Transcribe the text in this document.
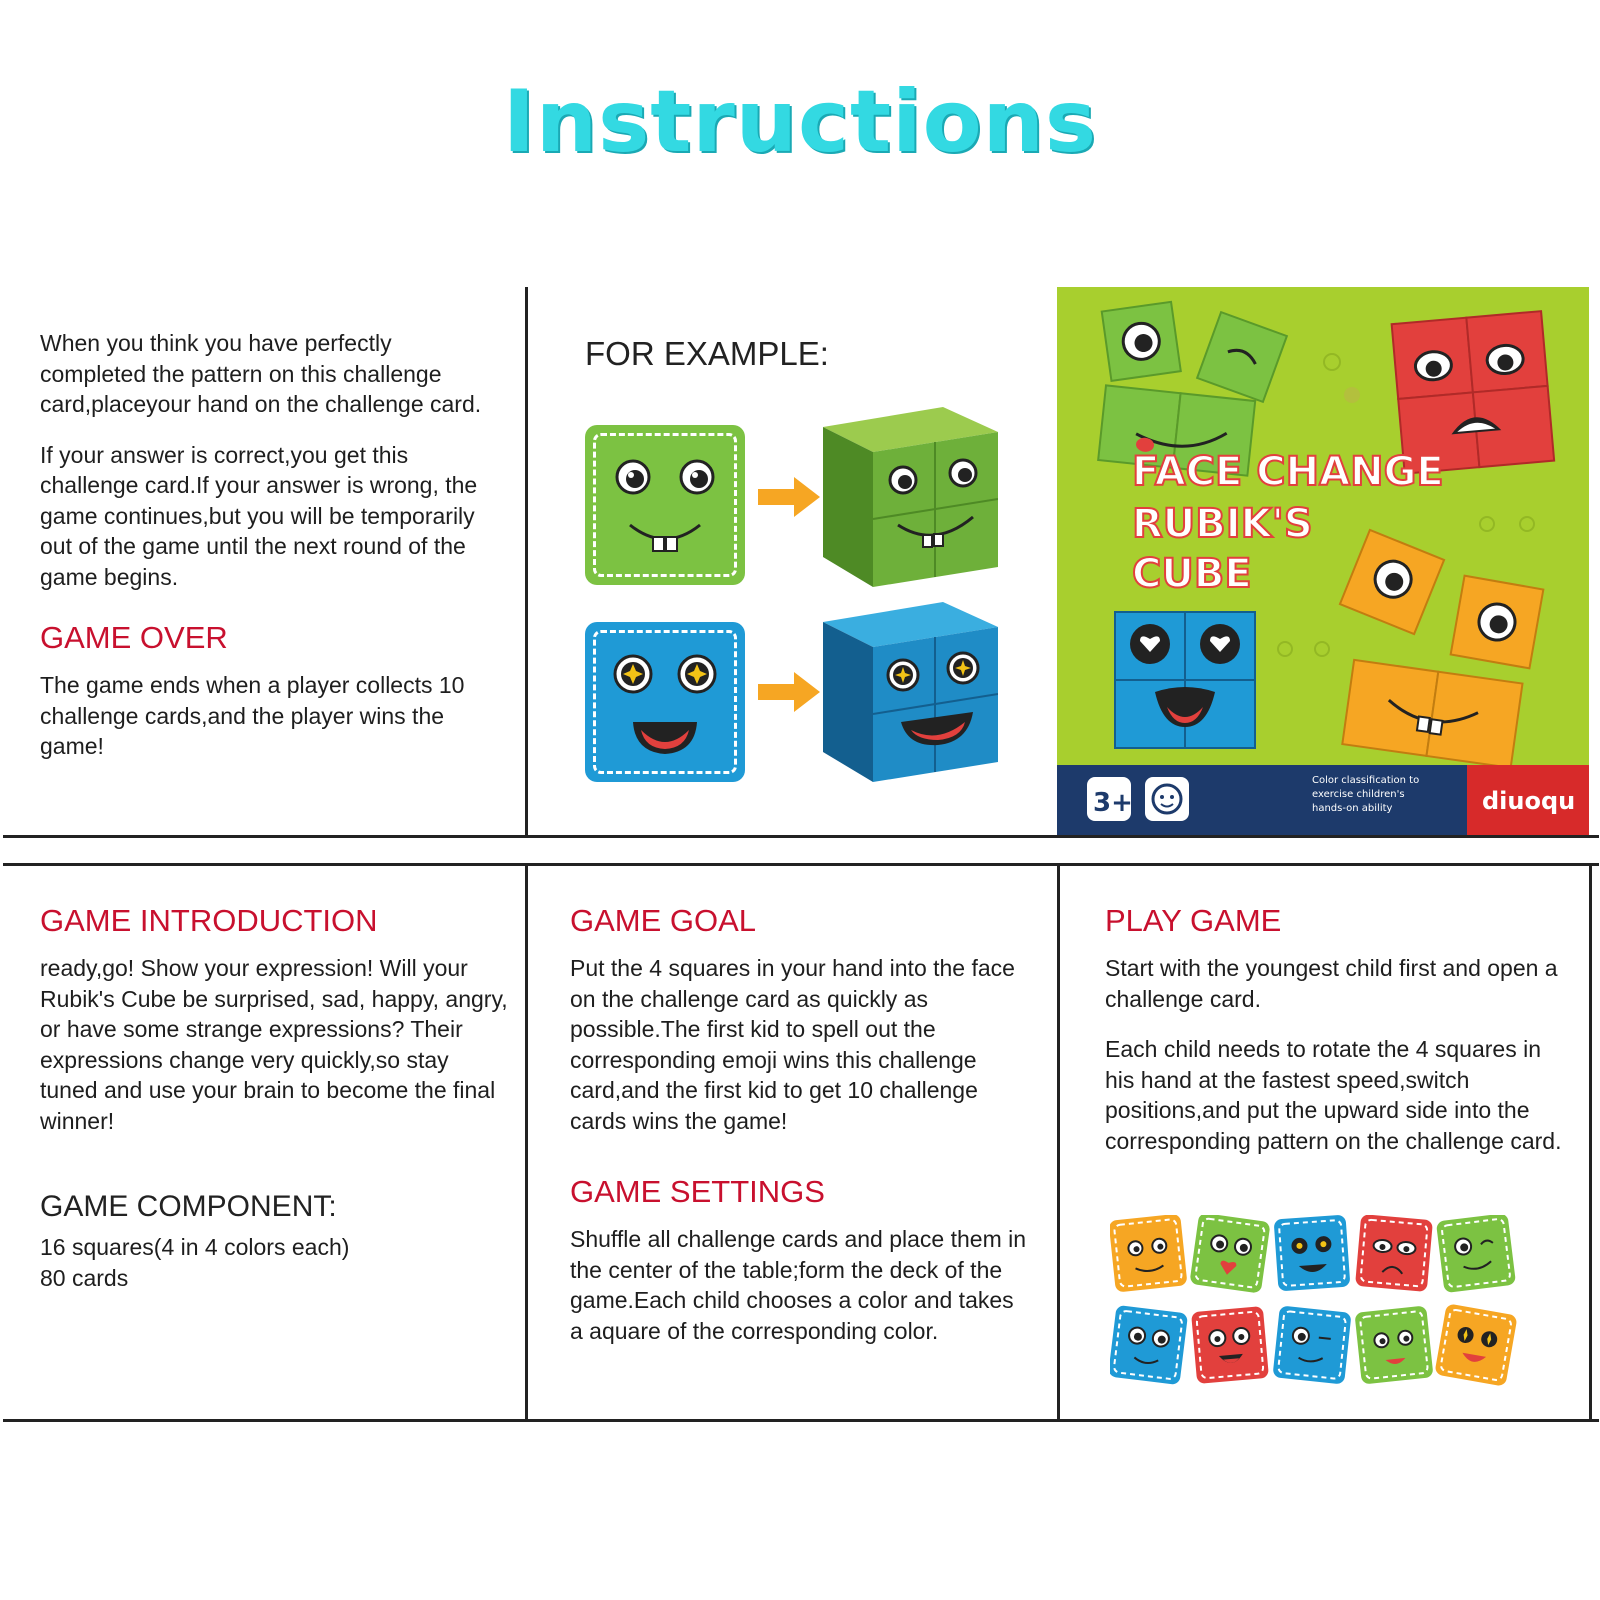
Instructions

When you think you have perfectly completed the pattern on this challenge card,placeyour hand on the challenge card.

If your answer is correct,you get this challenge card.If your answer is wrong, the game continues,but you will be temporarily out of the game until the next round of the game begins.

GAME OVER

The game ends when a player collects 10 challenge cards,and the player wins the game!

FOR EXAMPLE:
FACE CHANGE
RUBIK'S
CUBE
3+
Color classification to
exercise children's
hands-on ability	diuoqu
GAME INTRODUCTION

ready,go! Show your expression! Will your Rubik's Cube be surprised, sad, happy, angry, or have some strange expressions? Their expressions change very quickly,so stay tuned and use your brain to become the final winner!

GAME COMPONENT:
16 squares(4 in 4 colors each)
80 cards
GAME GOAL

Put the 4 squares in your hand into the face on the challenge card as quickly as possible.The first kid to spell out the corresponding emoji wins this challenge card,and the first kid to get 10 challenge cards wins the game!

GAME SETTINGS

Shuffle all challenge cards and place them in the center of the table;form the deck of the game.Each child chooses a color and takes a aquare of the corresponding color.

PLAY GAME

Start with the youngest child first and open a challenge card.

Each child needs to rotate the 4 squares in his hand at the fastest speed,switch positions,and put the upward side into the corresponding pattern on the challenge card.
